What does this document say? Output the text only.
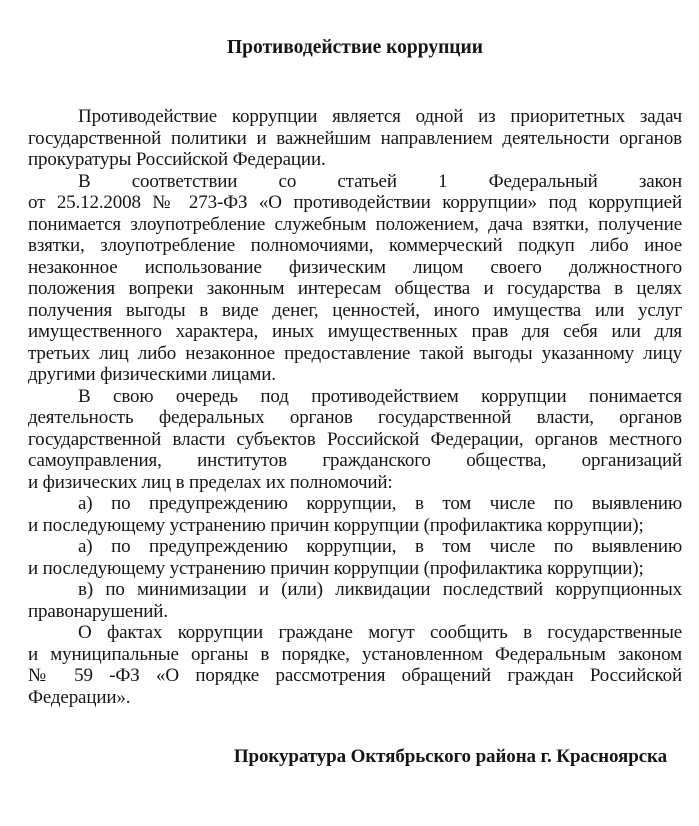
Противодействие коррупции
Противодействие коррупции является одной из приоритетных задач
государственной политики и важнейшим направлением деятельности органов
прокуратуры Российской Федерации.
В соответствии со статьей 1 Федеральный закон
от 25.12.2008 № 273-ФЗ «О противодействии коррупции» под коррупцией
понимается злоупотребление служебным положением, дача взятки, получение
взятки, злоупотребление полномочиями, коммерческий подкуп либо иное
незаконное использование физическим лицом своего должностного
положения вопреки законным интересам общества и государства в целях
получения выгоды в виде денег, ценностей, иного имущества или услуг
имущественного характера, иных имущественных прав для себя или для
третьих лиц либо незаконное предоставление такой выгоды указанному лицу
другими физическими лицами.
В свою очередь под противодействием коррупции понимается
деятельность федеральных органов государственной власти, органов
государственной власти субъектов Российской Федерации, органов местного
самоуправления, институтов гражданского общества, организаций
и физических лиц в пределах их полномочий:
а) по предупреждению коррупции, в том числе по выявлению
и последующему устранению причин коррупции (профилактика коррупции);
а) по предупреждению коррупции, в том числе по выявлению
и последующему устранению причин коррупции (профилактика коррупции);
в) по минимизации и (или) ликвидации последствий коррупционных
правонарушений.
О фактах коррупции граждане могут сообщить в государственные
и муниципальные органы в порядке, установленном Федеральным законом
№ 59 -ФЗ «О порядке рассмотрения обращений граждан Российской
Федерации».
Прокуратура Октябрьского района г. Красноярска
